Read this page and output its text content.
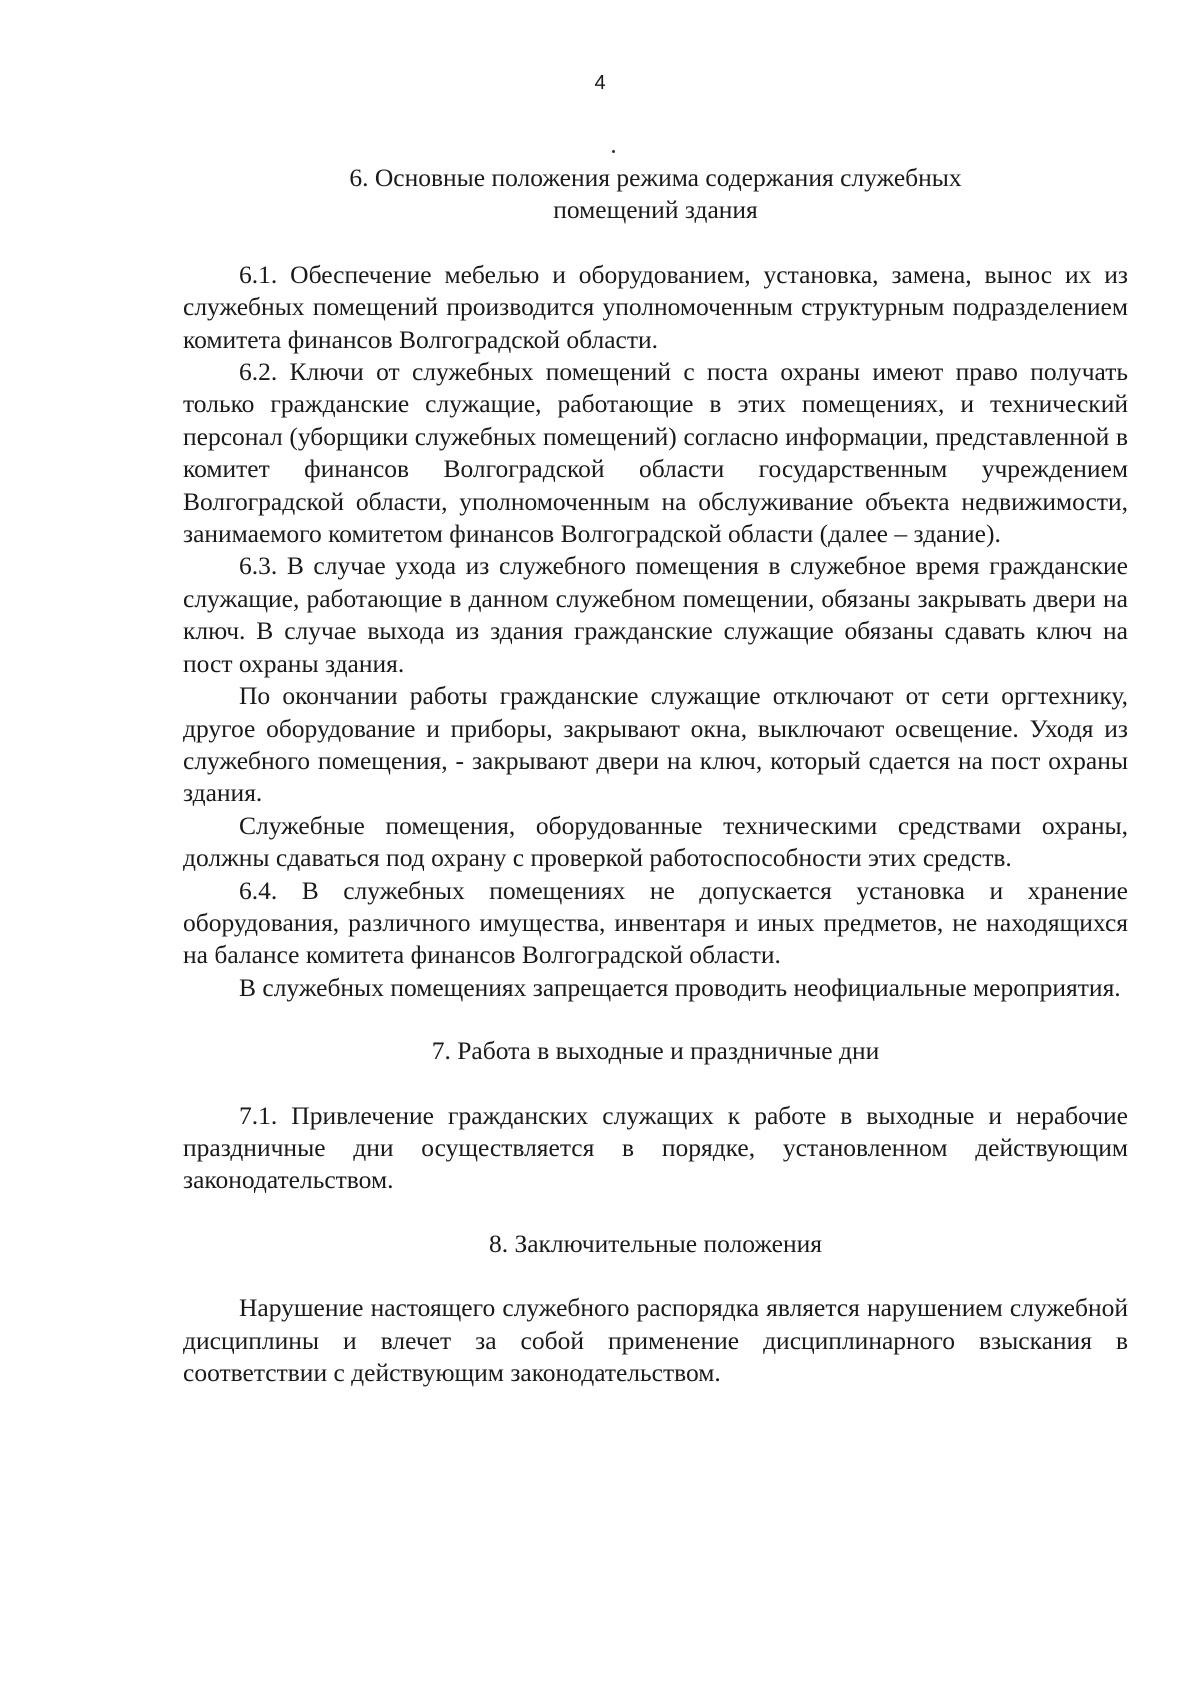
4
6. Основные положения режима содержания служебных
помещений здания

6.1. Обеспечение мебелью и оборудованием, установка, замена, вынос их из служебных помещений производится уполномоченным структурным подразделением комитета финансов Волгоградской области.

6.2. Ключи от служебных помещений с поста охраны имеют право получать только гражданские служащие, работающие в этих помещениях, и технический персонал (уборщики служебных помещений) согласно информации, представленной в комитет финансов Волгоградской области государственным учреждением Волгоградской области, уполномоченным на обслуживание объекта недвижимости, занимаемого комитетом финансов Волгоградской области (далее – здание).

6.3. В случае ухода из служебного помещения в служебное время гражданские служащие, работающие в данном служебном помещении, обязаны закрывать двери на ключ. В случае выхода из здания гражданские служащие обязаны сдавать ключ на пост охраны здания.

По окончании работы гражданские служащие отключают от сети оргтехнику, другое оборудование и приборы, закрывают окна, выключают освещение. Уходя из служебного помещения, - закрывают двери на ключ, который сдается на пост охраны здания.

Служебные помещения, оборудованные техническими средствами охраны, должны сдаваться под охрану с проверкой работоспособности этих средств.

6.4. В служебных помещениях не допускается установка и хранение оборудования, различного имущества, инвентаря и иных предметов, не находящихся на балансе комитета финансов Волгоградской области.

В служебных помещениях запрещается проводить неофициальные мероприятия.

7. Работа в выходные и праздничные дни

7.1. Привлечение гражданских служащих к работе в выходные и нерабочие праздничные дни осуществляется в порядке, установленном действующим законодательством.

8. Заключительные положения

Нарушение настоящего служебного распорядка является нарушением служебной дисциплины и влечет за собой применение дисциплинарного взыскания в соответствии с действующим законодательством.
